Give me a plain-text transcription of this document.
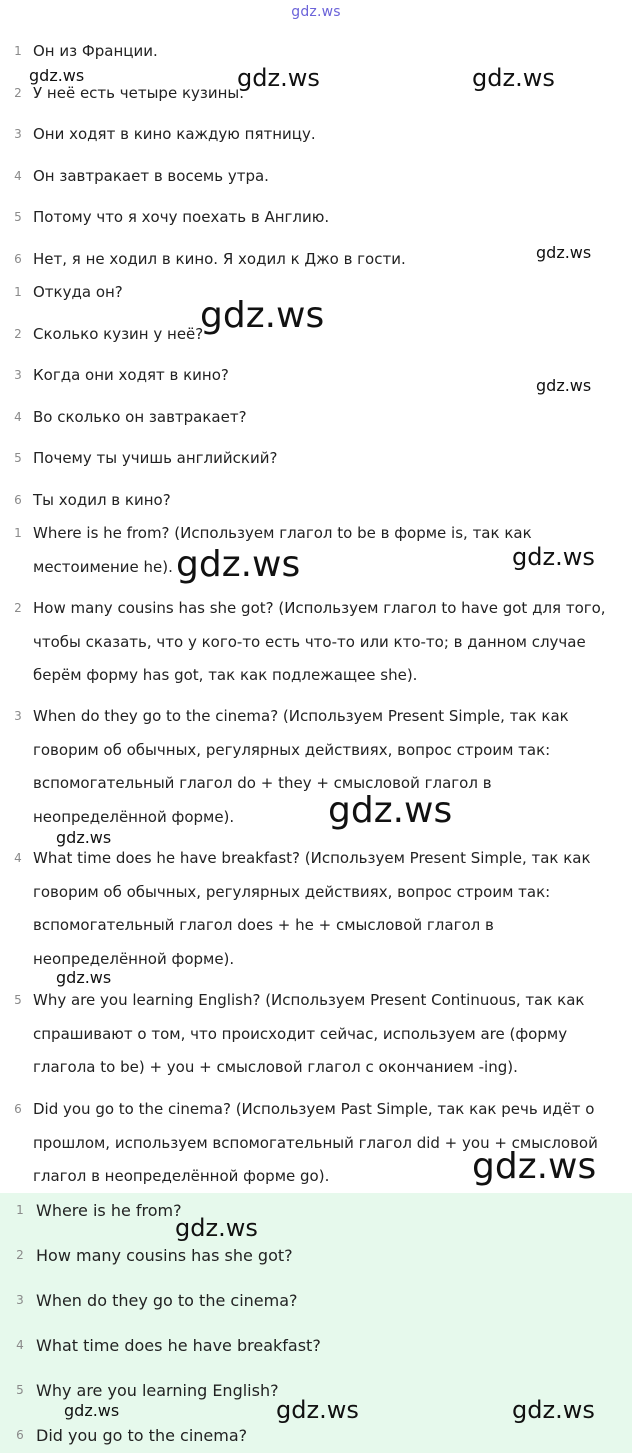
gdz.ws
1 Он из Франции.
2 У неё есть четыре кузины.
3 Они ходят в кино каждую пятницу.
4 Он завтракает в восемь утра.
5 Потому что я хочу поехать в Англию.
6 Нет, я не ходил в кино. Я ходил к Джо в гости.
1 Откуда он?
2 Сколько кузин у неё?
3 Когда они ходят в кино?
4 Во сколько он завтракает?
5 Почему ты учишь английский?
6 Ты ходил в кино?
1 Where is he from? (Используем глагол to be в форме is, так как местоимение he).
2 How many cousins has she got? (Используем глагол to have got для того, чтобы сказать, что у кого-то есть что-то или кто-то; в данном случае берём форму has got, так как подлежащее she).
3 When do they go to the cinema? (Используем Present Simple, так как говорим об обычных, регулярных действиях, вопрос строим так: вспомогательный глагол do + they + смысловой глагол в неопределённой форме).
4 What time does he have breakfast? (Используем Present Simple, так как говорим об обычных, регулярных действиях, вопрос строим так: вспомогательный глагол does + he + смысловой глагол в неопределённой форме).
5 Why are you learning English? (Используем Present Continuous, так как спрашивают о том, что происходит сейчас, используем are (форму глагола to be) + you + смысловой глагол с окончанием -ing).
6 Did you go to the cinema? (Используем Past Simple, так как речь идёт о прошлом, используем вспомогательный глагол did + you + смысловой глагол в неопределённой форме go).
1 Where is he from?
2 How many cousins has she got?
3 When do they go to the cinema?
4 What time does he have breakfast?
5 Why are you learning English?
6 Did you go to the cinema?
gdz.ws	gdz.ws	gdz.ws
gdz.ws
gdz.ws
gdz.ws
gdz.ws	gdz.ws
gdz.ws
gdz.ws
gdz.ws
gdz.ws
gdz.ws
gdz.ws	gdz.ws	gdz.ws
